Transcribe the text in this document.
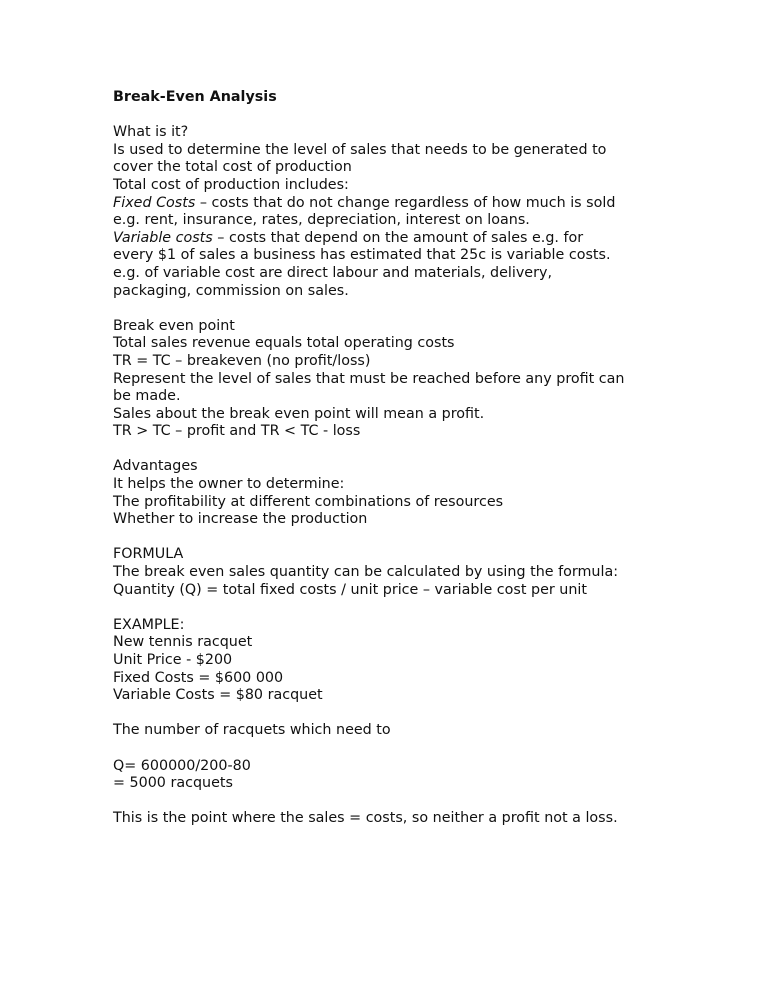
Break-Even Analysis
What is it?
Is used to determine the level of sales that needs to be generated to
cover the total cost of production
Total cost of production includes:
Fixed Costs – costs that do not change regardless of how much is sold
e.g. rent, insurance, rates, depreciation, interest on loans.
Variable costs – costs that depend on the amount of sales e.g. for
every $1 of sales a business has estimated that 25c is variable costs.
e.g. of variable cost are direct labour and materials, delivery,
packaging, commission on sales.
Break even point
Total sales revenue equals total operating costs
TR = TC – breakeven (no profit/loss)
Represent the level of sales that must be reached before any profit can
be made.
Sales about the break even point will mean a profit.
TR > TC – profit and TR < TC - loss
Advantages
It helps the owner to determine:
The profitability at different combinations of resources
Whether to increase the production
FORMULA
The break even sales quantity can be calculated by using the formula:
Quantity (Q) = total fixed costs / unit price – variable cost per unit
EXAMPLE:
New tennis racquet
Unit Price - $200
Fixed Costs = $600 000
Variable Costs = $80 racquet
The number of racquets which need to
Q= 600000/200-80
= 5000 racquets
This is the point where the sales = costs, so neither a profit not a loss.
